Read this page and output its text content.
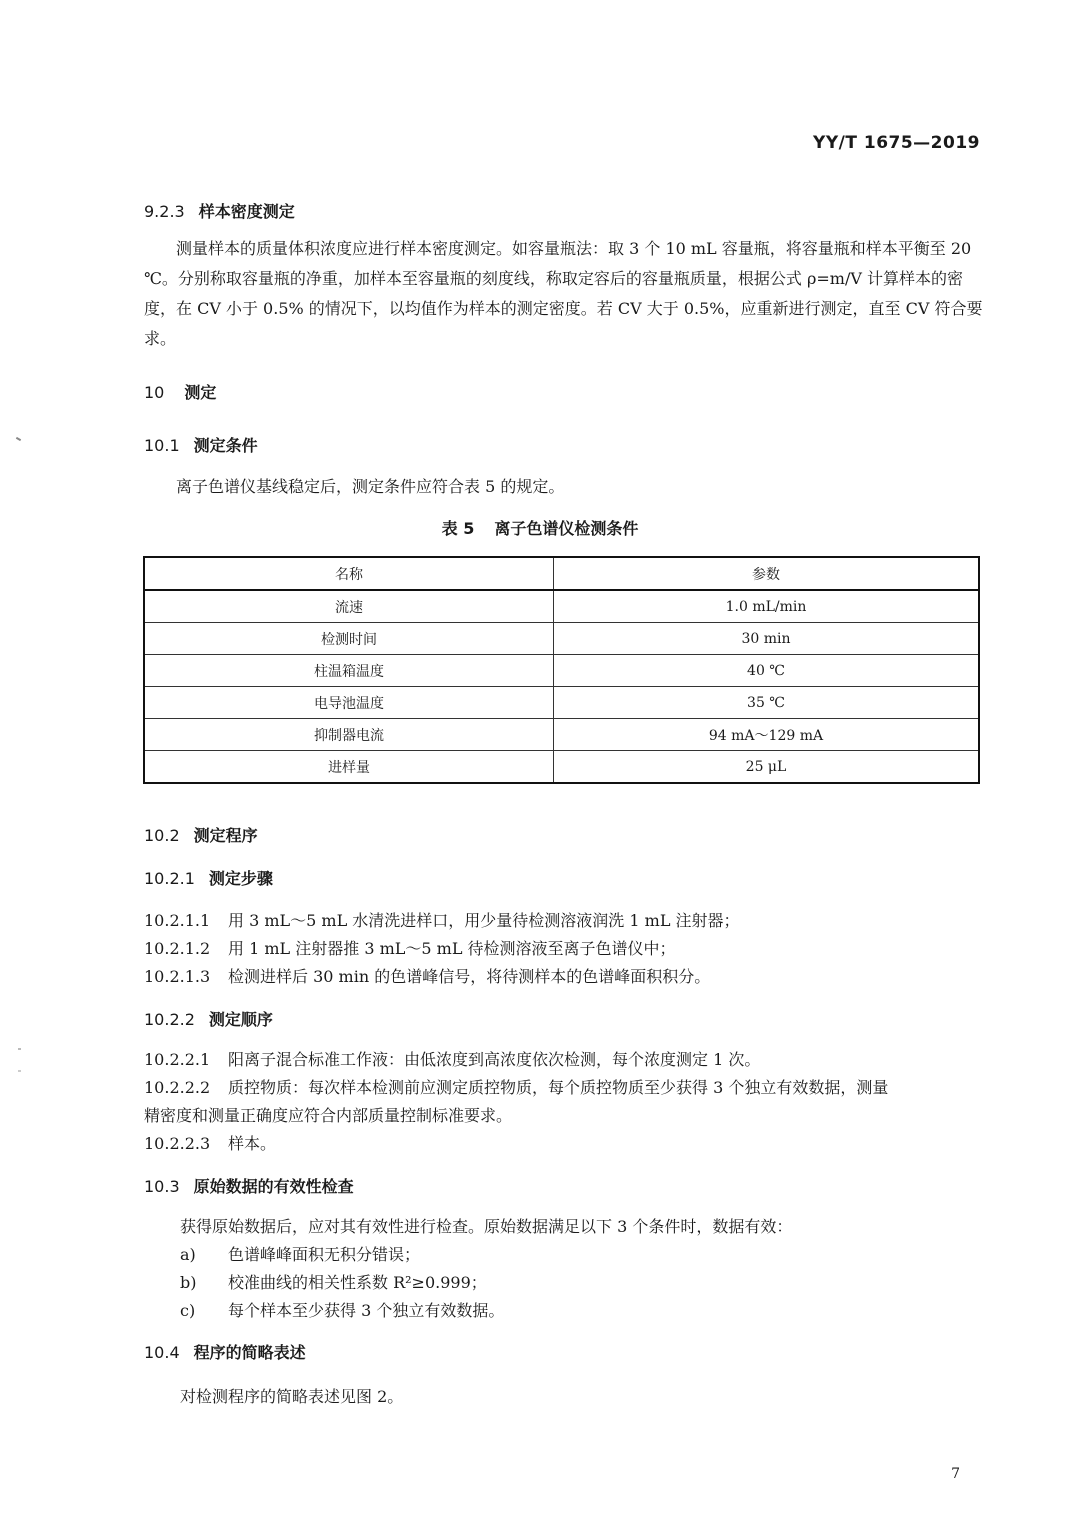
YY/T 1675—2019
9.2.3 样本密度测定
测量样本的质量体积浓度应进行样本密度测定。如容量瓶法：取 3 个 10 mL 容量瓶，将容量瓶和样本平衡至 20 ℃。分别称取容量瓶的净重，加样本至容量瓶的刻度线，称取定容后的容量瓶质量，根据公式 ρ=m/V 计算样本的密度，在 CV 小于 0.5% 的情况下，以均值作为样本的测定密度。若 CV 大于 0.5%，应重新进行测定，直至 CV 符合要求。
10 测定
10.1 测定条件
离子色谱仪基线稳定后，测定条件应符合表 5 的规定。
表 5 离子色谱仪检测条件
名称	参数
流速	1.0 mL/min
检测时间	30 min
柱温箱温度	40 ℃
电导池温度	35 ℃
抑制器电流	94 mA～129 mA
进样量	25 μL
10.2 测定程序
10.2.1 测定步骤
10.2.1.1 用 3 mL～5 mL 水清洗进样口，用少量待检测溶液润洗 1 mL 注射器；
10.2.1.2 用 1 mL 注射器推 3 mL～5 mL 待检测溶液至离子色谱仪中；
10.2.1.3 检测进样后 30 min 的色谱峰信号，将待测样本的色谱峰面积积分。
10.2.2 测定顺序
10.2.2.1 阳离子混合标准工作液：由低浓度到高浓度依次检测，每个浓度测定 1 次。
10.2.2.2 质控物质：每次样本检测前应测定质控物质，每个质控物质至少获得 3 个独立有效数据，测量
精密度和测量正确度应符合内部质量控制标准要求。
10.2.2.3 样本。
10.3 原始数据的有效性检查
获得原始数据后，应对其有效性进行检查。原始数据满足以下 3 个条件时，数据有效：
a) 色谱峰峰面积无积分错误；
b) 校准曲线的相关性系数 R²≥0.999；
c) 每个样本至少获得 3 个独立有效数据。
10.4 程序的简略表述
对检测程序的简略表述见图 2。
7
